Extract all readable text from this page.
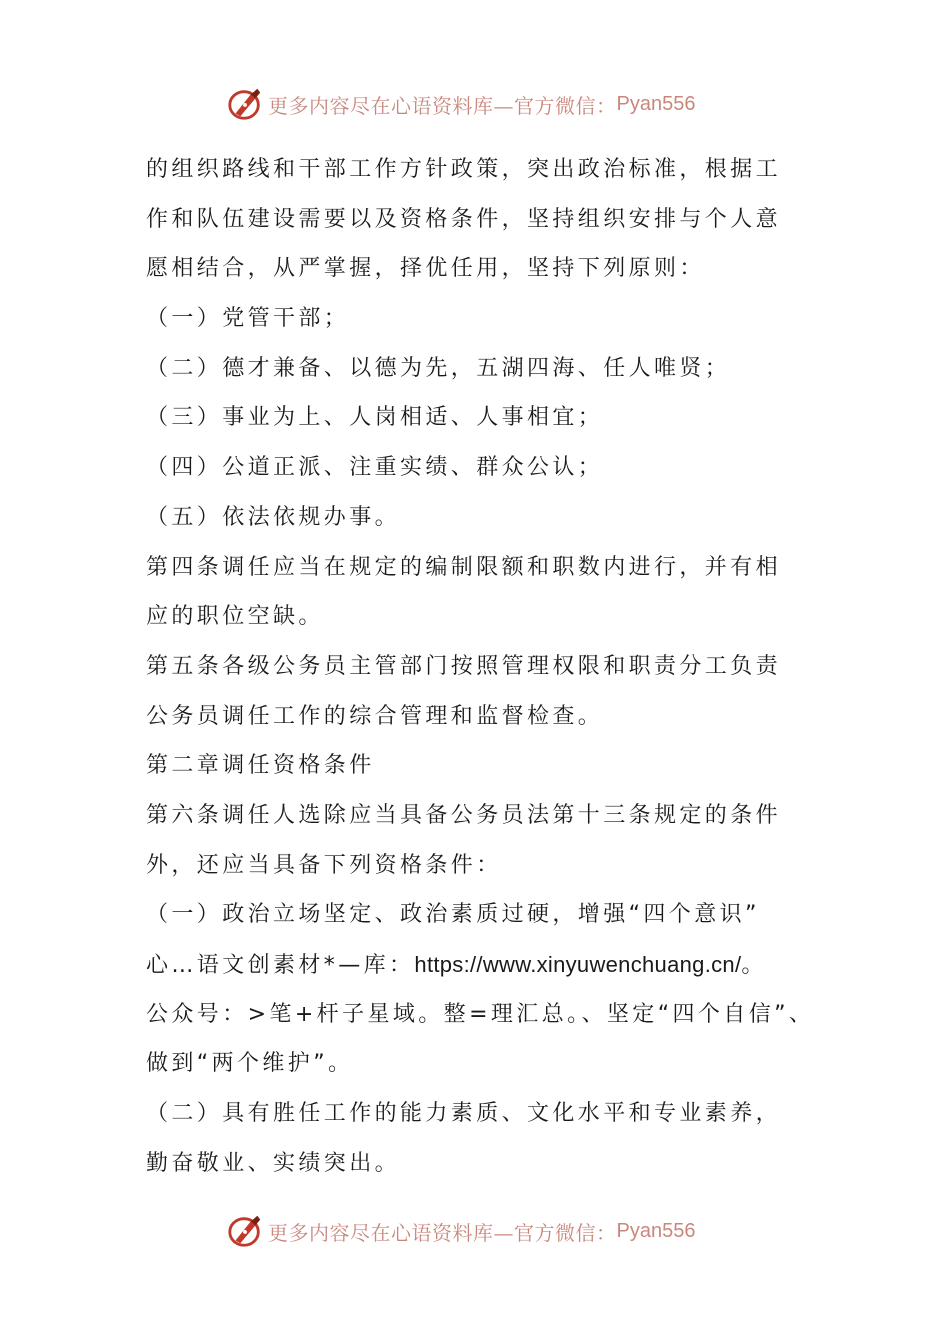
更多内容尽在心语资料库—官方微信： Pyan556
的组织路线和干部工作方针政策，突出政治标准，根据工
作和队伍建设需要以及资格条件，坚持组织安排与个人意
愿相结合，从严掌握，择优任用，坚持下列原则：
（一）党管干部；
（二）德才兼备、以德为先，五湖四海、任人唯贤；
（三）事业为上、人岗相适、人事相宜；
（四）公道正派、注重实绩、群众公认；
（五）依法依规办事。
第四条调任应当在规定的编制限额和职数内进行，并有相
应的职位空缺。
第五条各级公务员主管部门按照管理权限和职责分工负责
公务员调任工作的综合管理和监督检查。
第二章调任资格条件
第六条调任人选除应当具备公务员法第十三条规定的条件
外，还应当具备下列资格条件：
（一）政治立场坚定、政治素质过硬，增强“四个意识”
心…语文创素材*—库：https://www.xinyuwenchuang.cn/。
公众号：>笔+杆子星域。整=理汇总。、坚定“四个自信”、
做到“两个维护”。
（二）具有胜任工作的能力素质、文化水平和专业素养，
勤奋敬业、实绩突出。
更多内容尽在心语资料库—官方微信： Pyan556
